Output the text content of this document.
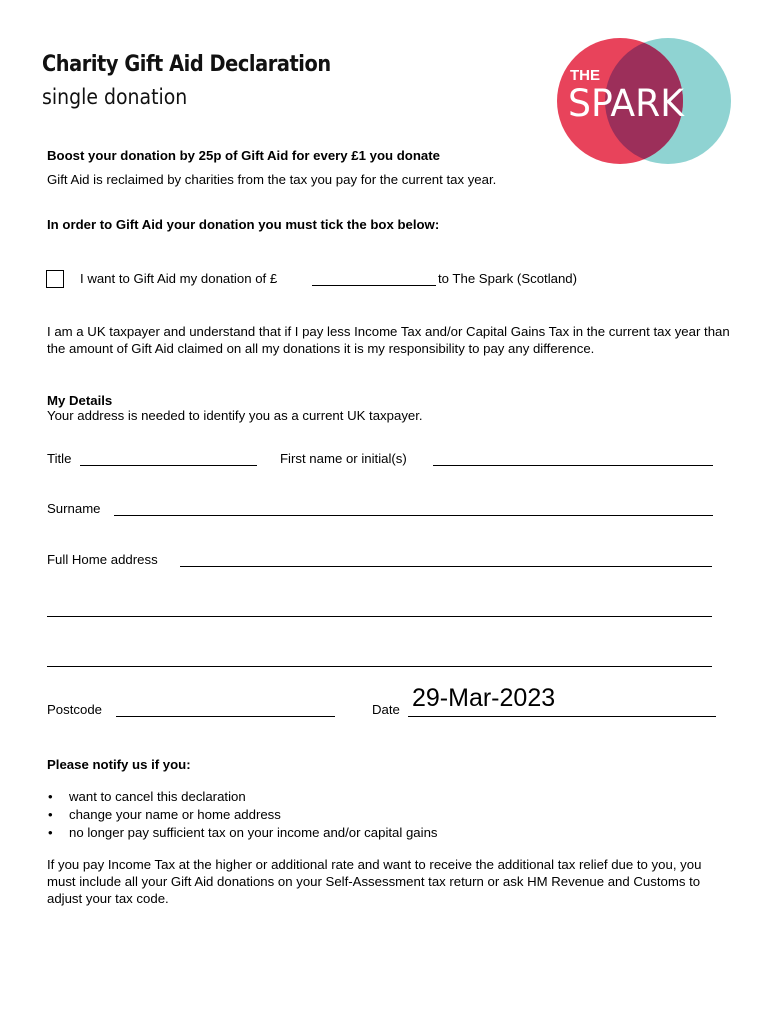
Charity Gift Aid Declaration
single donation
THE
SPARK
Boost your donation by 25p of Gift Aid for every £1 you donate
Gift Aid is reclaimed by charities from the tax you pay for the current tax year.
In order to Gift Aid your donation you must tick the box below:
I want to Gift Aid my donation of £	to The Spark (Scotland)
I am a UK taxpayer and understand that if I pay less Income Tax and/or Capital Gains Tax in the current tax year than the amount of Gift Aid claimed on all my donations it is my responsibility to pay any difference.
My Details
Your address is needed to identify you as a current UK taxpayer.
Title	First name or initial(s)
Surname
Full Home address
Postcode	Date 29-Mar-2023
Please notify us if you:
• want to cancel this declaration
• change your name or home address
• no longer pay sufficient tax on your income and/or capital gains
If you pay Income Tax at the higher or additional rate and want to receive the additional tax relief due to you, you must include all your Gift Aid donations on your Self-Assessment tax return or ask HM Revenue and Customs to adjust your tax code.
